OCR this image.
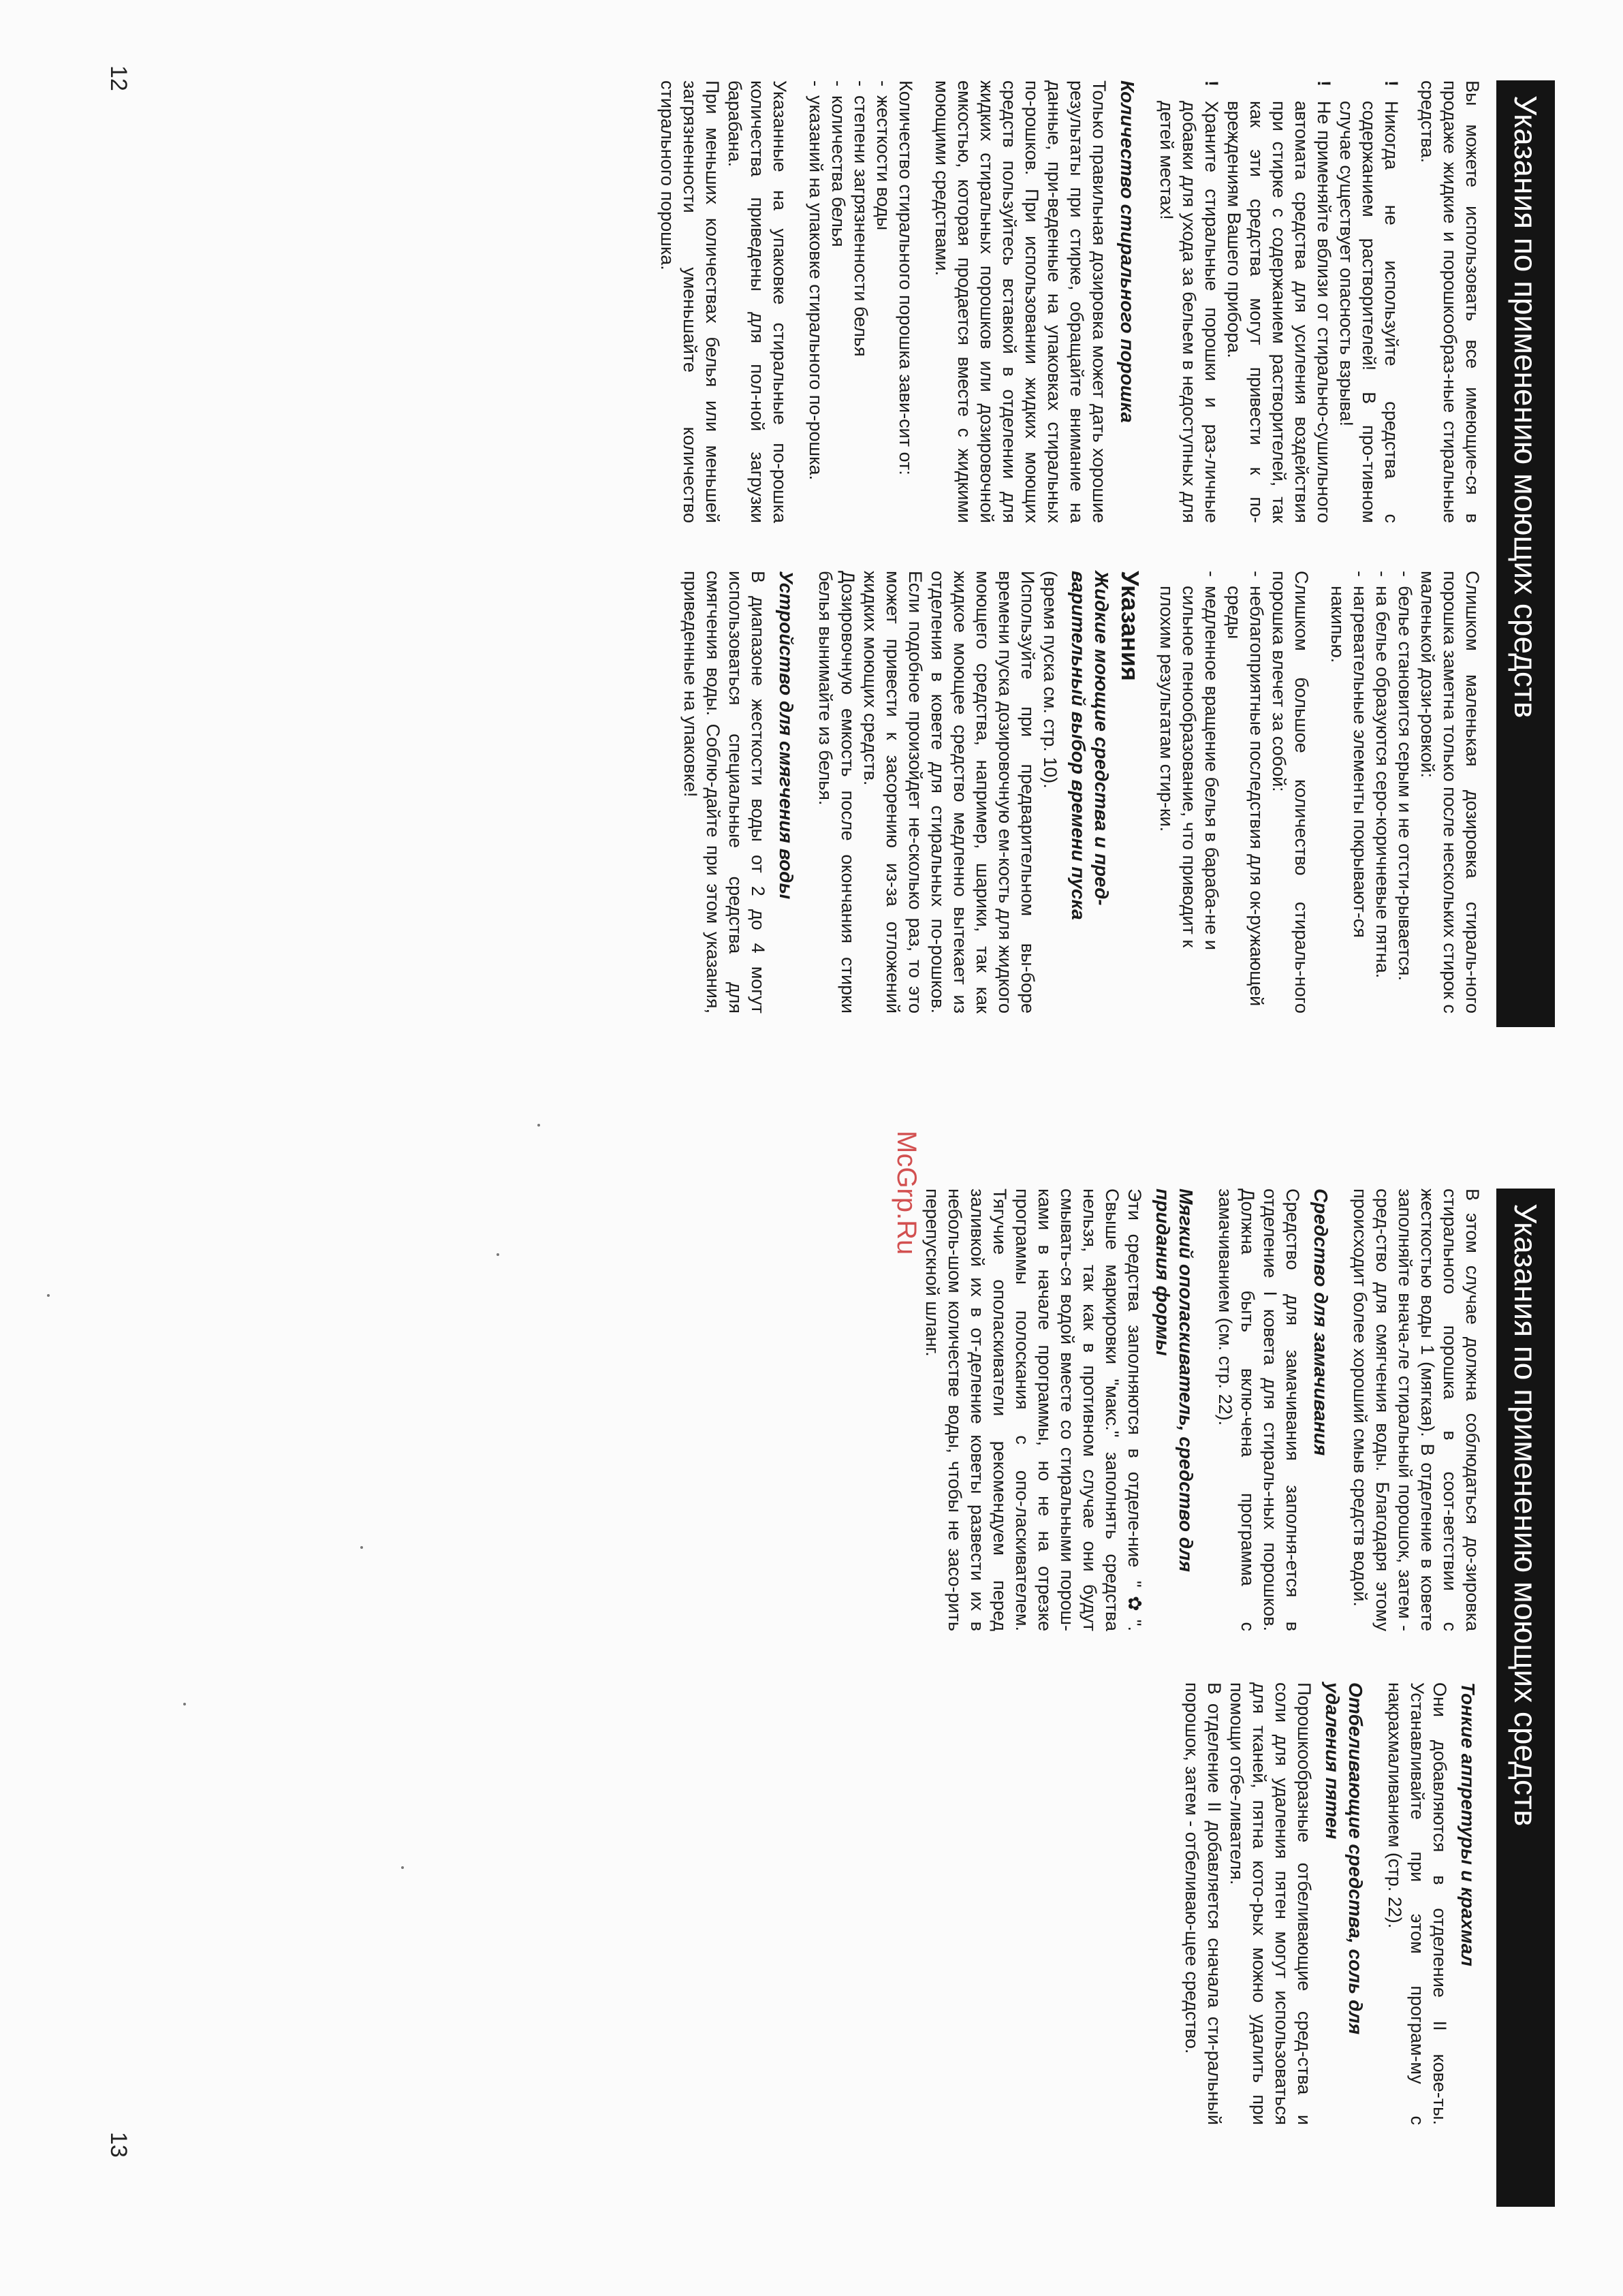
12
13
Указания по применению моющих средств

Вы можете использовать все имеющие-ся в продаже жидкие и порошкообраз-ные стиральные средства.

!
Никогда не используйте средства с содержанием растворителей! В про-тивном случае существует опасность взрыва!
!
Не применяйте вблизи от стирально-сушильного автомата средства для усиления воздействия при стирке с содержанием растворителей, так как эти средства могут привести к по-вреждениям Вашего прибора.
!
Храните стиральные порошки и раз-личные добавки для ухода за бельем в недоступных для детей местах!
Количество стирального порошка

Только правильная дозировка может дать хорошие результаты при стирке, обращайте внимание на данные, при-веденные на упаковках стиральных по-рошков. При использовании жидких моющих средств пользуйтесь вставкой в отделении для жидких стиральных порошков или дозировочной емкостью, которая продается вместе с жидкими моющими средствами.

Количество стирального порошка зави-сит от:

-
жесткости воды
-
степени загрязненности белья
-
количества белья
-
указаний на упаковке стирального по-рошка.

Указанные на упаковке стиральные по-рошка количества приведены для пол-ной загрузки барабана.

При меньших количествах белья или меньшей загрязненности уменьшайте количество стирального порошка.

Слишком маленькая дозировка стираль-ного порошка заметна только после нескольких стирок с маленькой дози-ровкой:

-
белье становится серым и не отсти-рывается.
-
на белье образуются серо-коричневые пятна.
-
нагревательные элементы покрывают-ся накипью.

Слишком большое количество стираль-ного порошка влечет за собой:

-
неблагоприятные последствия для ок-ружающей среды
-
медленное вращение белья в бараба-не и сильное пенообразование, что приводит к плохим результатам стир-ки.
Указания
Жидкие моющие средства и пред-варительный выбор времени пуска

(время пуска см. стр. 10).

Используйте при предварительном вы-боре времени пуска дозировочную ем-кость для жидкого моющего средства, например, шарики, так как жидкое моющее средство медленно вытекает из отделения в ковете для стиральных по-рошков. Если подобное произойдет не-сколько раз, то это может привести к засорению из-за отложений жидких моющих средств.

Дозировочную емкость после окончания стирки белья вынимайте из белья.

Устройство для смягчения воды

В диапазоне жесткости воды от 2 до 4 могут использоваться специальные средства для смягчения воды. Соблю-дайте при этом указания, приведенные на упаковке!

Указания по применению моющих средств

В этом случае должна соблюдаться до-зировка стирального порошка в соот-ветствии с жесткостью воды 1 (мягкая). В отделение в ковете заполняйте внача-ле стиральный порошок, затем - сред-ство для смягчения воды. Благодаря этому происходит более хороший смыв средств водой.

Средство для замачивания

Средство для замачивания заполня-ется в отделение I ковета для стираль-ных порошков. Должна быть вклю-чена программа с замачиванием (см. стр. 22).

Мягкий ополаскиватель, средство для придания формы

Эти средства заполняются в отделе-ние "✿". Свыше маркировки "макс." заполнять средства нельзя, так как в противном случае они будут смывать-ся водой вместе со стиральными порош-ками в начале программы, но не на отрезке программы полоскания с опо-ласкивателем. Тягучие ополаскиватели рекомендуем перед заливкой их в от-деление коветы развести их в неболь-шом количестве воды, чтобы не засо-рить перепускной шланг.

Тонкие аппретуры и крахмал

Они добавляются в отделение II кове-ты. Устанавливайте при этом програм-му с накрахмаливанием (стр. 22).

Отбеливающие средства, соль для удаления пятен

Порошкообразные отбеливающие сред-ства и соли для удаления пятен могут использоваться для тканей, пятна кото-рых можно удалить при помощи отбе-ливателя.

В отделение II добавляется сначала сти-ральный порошок, затем - отбеливаю-щее средство.

McGrp.Ru
